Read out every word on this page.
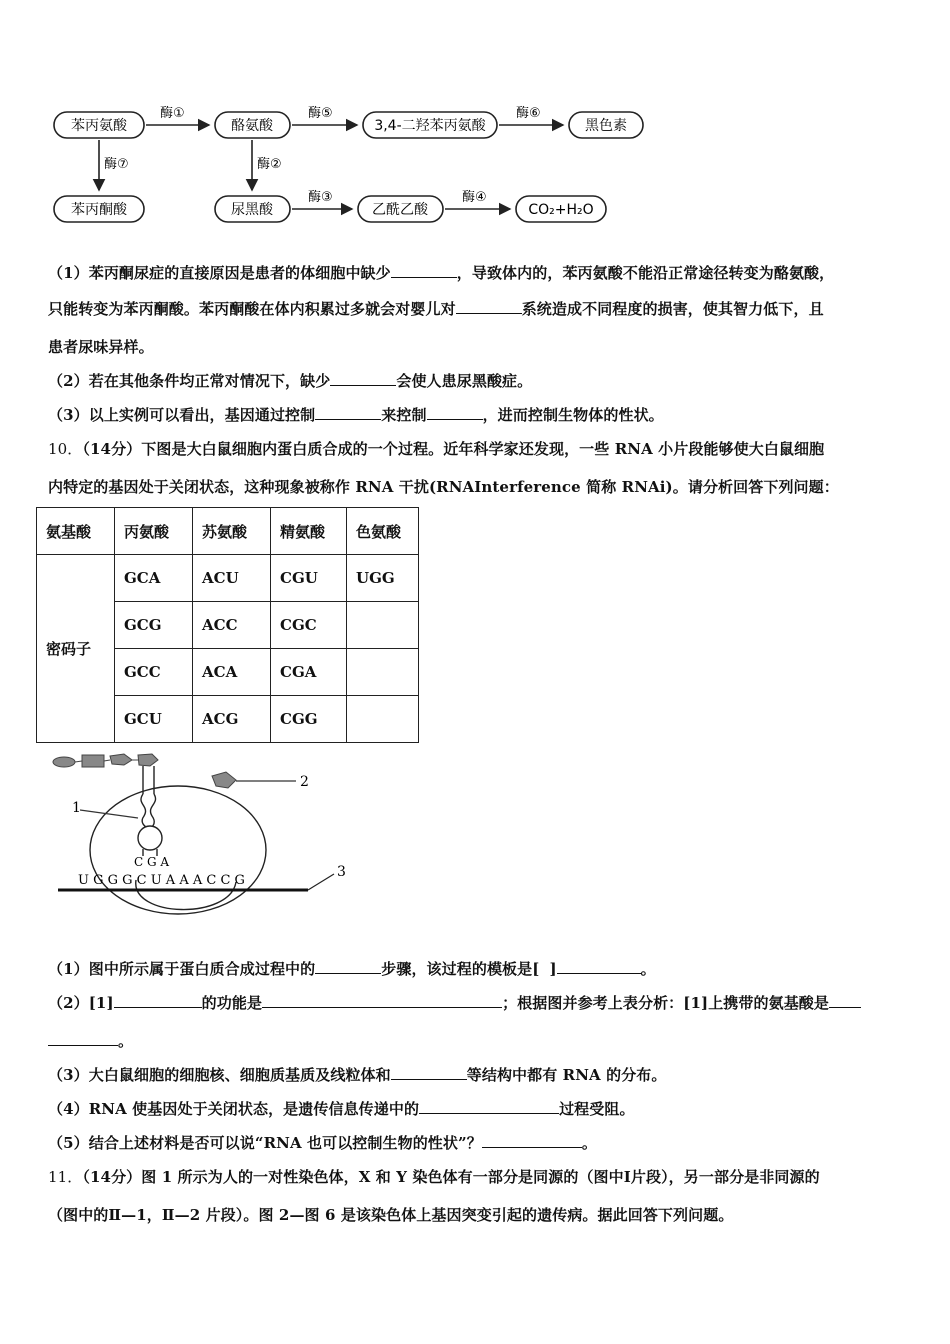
苯丙氨酸	酪氨酸	3,4-二羟苯丙氨酸	黑色素
苯丙酮酸	尿黑酸	乙酰乙酸	CO₂+H₂O
酶①	酶⑤	酶⑥
酶⑦	酶②
酶③	酶④
（1）苯丙酮尿症的直接原因是患者的体细胞中缺少	，导致体内的，苯丙氨酸不能沿正常途径转变为酪氨酸，
只能转变为苯丙酮酸。苯丙酮酸在体内积累过多就会对婴儿对	系统造成不同程度的损害，使其智力低下，且
患者尿味异样。
（2）若在其他条件均正常对情况下，缺少	会使人患尿黑酸症。
（3）以上实例可以看出，基因通过控制	来控制	，进而控制生物体的性状。
10．（14分）下图是大白鼠细胞内蛋白质合成的一个过程。近年科学家还发现，一些 RNA 小片段能够使大白鼠细胞
内特定的基因处于关闭状态，这种现象被称作 RNA 干扰(RNAInterference 简称 RNAi)。请分析回答下列问题：
氨基酸	丙氨酸	苏氨酸	精氨酸	色氨酸
密码子	GCA	ACU	CGU	UGG
	GCG	ACC	CGC	
	GCC	ACA	CGA	
	GCU	ACG	CGG	
2
1
C G A
U G G G C U A A A C C G
3
（1）图中所示属于蛋白质合成过程中的	步骤，该过程的模板是[ ]	。
（2）[1]	的功能是	；根据图并参考上表分析：[1]上携带的氨基酸是
。
（3）大白鼠细胞的细胞核、细胞质基质及线粒体和	等结构中都有 RNA 的分布。
（4）RNA 使基因处于关闭状态，是遗传信息传递中的	过程受阻。
（5）结合上述材料是否可以说“RNA 也可以控制生物的性状”？	。
11．（14分）图 1 所示为人的一对性染色体，X 和 Y 染色体有一部分是同源的（图中Ⅰ片段），另一部分是非同源的
（图中的Ⅱ—1，Ⅱ—2 片段）。图 2—图 6 是该染色体上基因突变引起的遗传病。据此回答下列问题。
